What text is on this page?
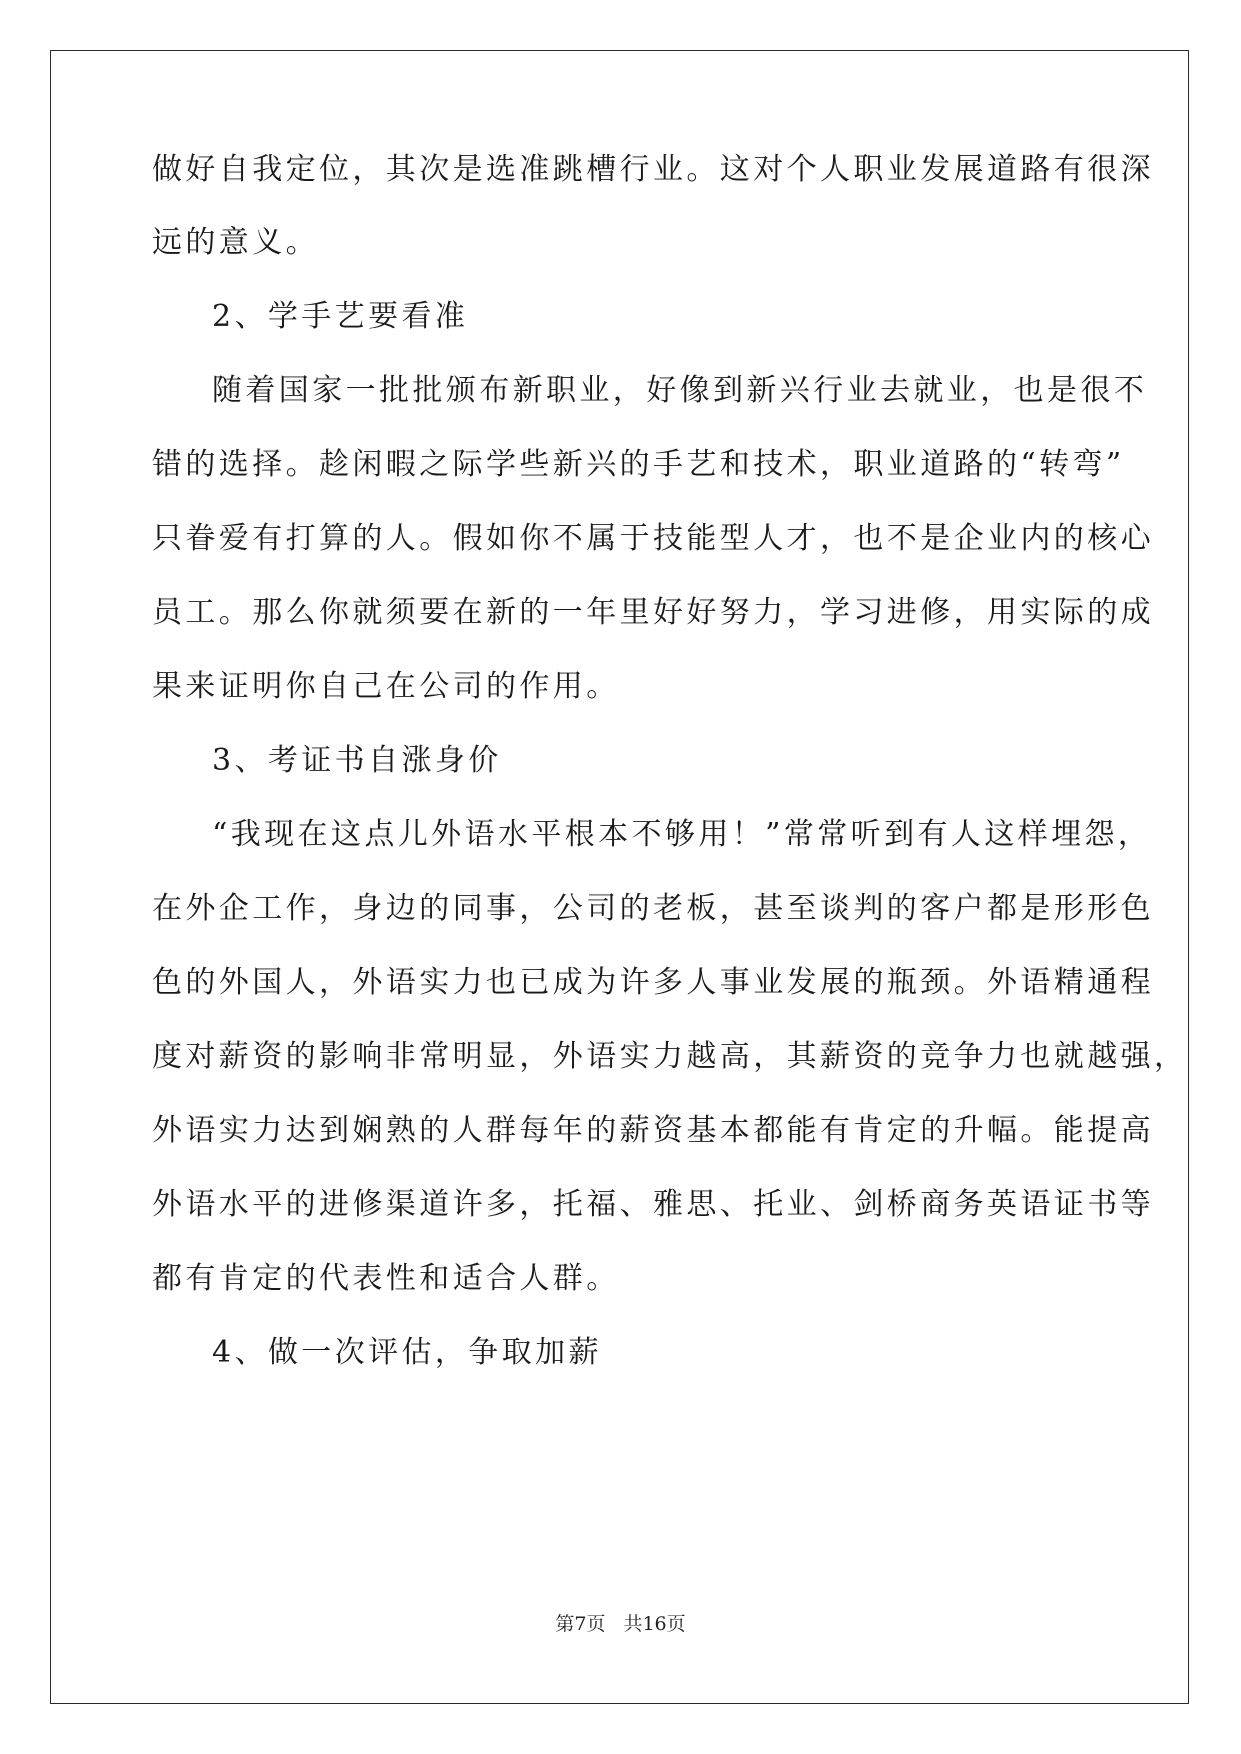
做好自我定位，其次是选准跳槽行业。这对个人职业发展道路有很深
远的意义。
2、学手艺要看准
随着国家一批批颁布新职业，好像到新兴行业去就业，也是很不
错的选择。趁闲暇之际学些新兴的手艺和技术，职业道路的“转弯”
只眷爱有打算的人。假如你不属于技能型人才，也不是企业内的核心
员工。那么你就须要在新的一年里好好努力，学习进修，用实际的成
果来证明你自己在公司的作用。
3、考证书自涨身价
“我现在这点儿外语水平根本不够用！”常常听到有人这样埋怨，
在外企工作，身边的同事，公司的老板，甚至谈判的客户都是形形色
色的外国人，外语实力也已成为许多人事业发展的瓶颈。外语精通程
度对薪资的影响非常明显，外语实力越高，其薪资的竞争力也就越强，
外语实力达到娴熟的人群每年的薪资基本都能有肯定的升幅。能提高
外语水平的进修渠道许多，托福、雅思、托业、剑桥商务英语证书等
都有肯定的代表性和适合人群。
4、做一次评估，争取加薪
第7页 共16页
